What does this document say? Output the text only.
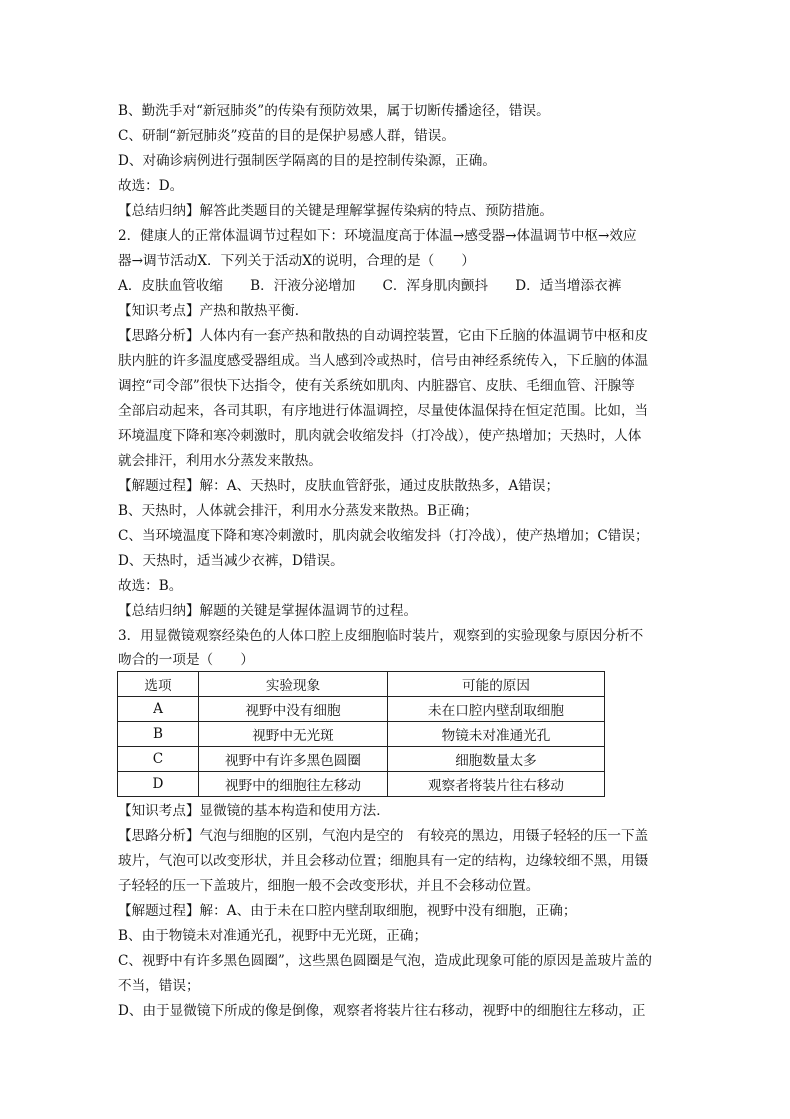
B、勤洗手对“新冠肺炎”的传染有预防效果，属于切断传播途径，错误。
C、研制“新冠肺炎”疫苗的目的是保护易感人群，错误。
D、对确诊病例进行强制医学隔离的目的是控制传染源，正确。
故选：D。
【总结归纳】解答此类题目的关键是理解掌握传染病的特点、预防措施。
2．健康人的正常体温调节过程如下：环境温度高于体温→感受器→体温调节中枢→效应
器→调节活动X．下列关于活动X的说明，合理的是（　　）
A．皮肤血管收缩　　B．汗液分泌增加　　C．浑身肌肉颤抖　　D．适当增添衣裤
【知识考点】产热和散热平衡．
【思路分析】人体内有一套产热和散热的自动调控装置，它由下丘脑的体温调节中枢和皮
肤内脏的许多温度感受器组成。当人感到冷或热时，信号由神经系统传入，下丘脑的体温
调控“司令部”很快下达指令，使有关系统如肌肉、内脏器官、皮肤、毛细血管、汗腺等
全部启动起来，各司其职，有序地进行体温调控，尽量使体温保持在恒定范围。比如，当
环境温度下降和寒冷刺激时，肌肉就会收缩发抖（打冷战），使产热增加；天热时，人体
就会排汗，利用水分蒸发来散热。
【解题过程】解：A、天热时，皮肤血管舒张，通过皮肤散热多，A错误；
B、天热时，人体就会排汗，利用水分蒸发来散热。B正确；
C、当环境温度下降和寒冷刺激时，肌肉就会收缩发抖（打冷战），使产热增加；C错误；
D、天热时，适当减少衣裤，D错误。
故选：B。
【总结归纳】解题的关键是掌握体温调节的过程。
3．用显微镜观察经染色的人体口腔上皮细胞临时装片，观察到的实验现象与原因分析不
吻合的一项是（　　）
选项	实验现象	可能的原因
A	视野中没有细胞	未在口腔内壁刮取细胞
B	视野中无光斑	物镜未对准通光孔
C	视野中有许多黑色圆圈	细胞数量太多
D	视野中的细胞往左移动	观察者将装片往右移动
【知识考点】显微镜的基本构造和使用方法．
【思路分析】气泡与细胞的区别，气泡内是空的　有较亮的黑边，用镊子轻轻的压一下盖
玻片，气泡可以改变形状，并且会移动位置；细胞具有一定的结构，边缘较细不黑，用镊
子轻轻的压一下盖玻片，细胞一般不会改变形状，并且不会移动位置。
【解题过程】解：A、由于未在口腔内壁刮取细胞，视野中没有细胞，正确；
B、由于物镜未对准通光孔，视野中无光斑，正确；
C、视野中有许多黑色圆圈”，这些黑色圆圈是气泡，造成此现象可能的原因是盖玻片盖的
不当，错误；
D、由于显微镜下所成的像是倒像，观察者将装片往右移动，视野中的细胞往左移动，正
